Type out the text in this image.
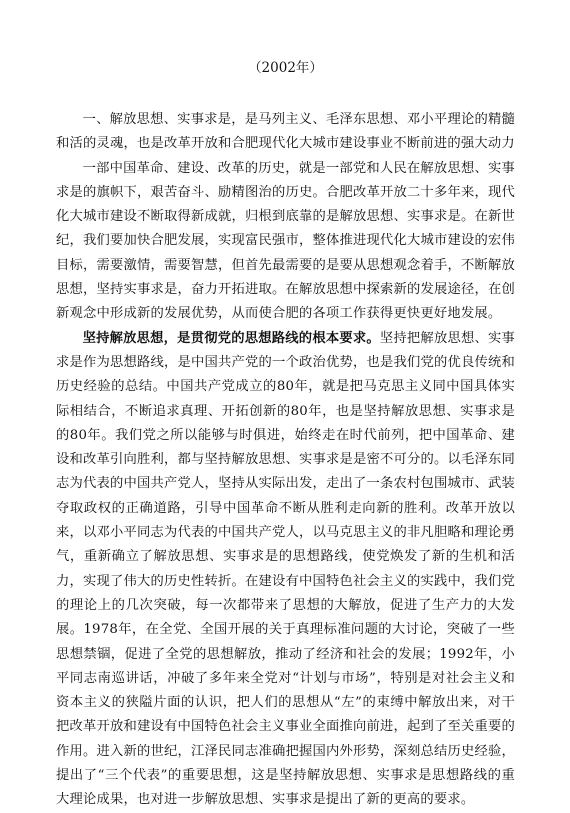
（2002年）

一、解放思想、实事求是，是马列主义、毛泽东思想、邓小平理论的精髓和活的灵魂，也是改革开放和合肥现代化大城市建设事业不断前进的强大动力

一部中国革命、建设、改革的历史，就是一部党和人民在解放思想、实事求是的旗帜下，艰苦奋斗、励精图治的历史。合肥改革开放二十多年来，现代化大城市建设不断取得新成就，归根到底靠的是解放思想、实事求是。在新世纪，我们要加快合肥发展，实现富民强市，整体推进现代化大城市建设的宏伟目标，需要激情，需要智慧，但首先最需要的是要从思想观念着手，不断解放思想，坚持实事求是，奋力开拓进取。在解放思想中探索新的发展途径，在创新观念中形成新的发展优势，从而使合肥的各项工作获得更快更好地发展。

坚持解放思想，是贯彻党的思想路线的根本要求。坚持把解放思想、实事求是作为思想路线，是中国共产党的一个政治优势，也是我们党的优良传统和历史经验的总结。中国共产党成立的80年，就是把马克思主义同中国具体实际相结合，不断追求真理、开拓创新的80年，也是坚持解放思想、实事求是的80年。我们党之所以能够与时俱进，始终走在时代前列，把中国革命、建设和改革引向胜利，都与坚持解放思想、实事求是是密不可分的。以毛泽东同志为代表的中国共产党人，坚持从实际出发，走出了一条农村包围城市、武装夺取政权的正确道路，引导中国革命不断从胜利走向新的胜利。改革开放以来，以邓小平同志为代表的中国共产党人，以马克思主义的非凡胆略和理论勇气，重新确立了解放思想、实事求是的思想路线，使党焕发了新的生机和活力，实现了伟大的历史性转折。在建设有中国特色社会主义的实践中，我们党的理论上的几次突破，每一次都带来了思想的大解放，促进了生产力的大发展。1978年，在全党、全国开展的关于真理标准问题的大讨论，突破了一些思想禁锢，促进了全党的思想解放，推动了经济和社会的发展；1992年，小平同志南巡讲话，冲破了多年来全党对“计划与市场”，特别是对社会主义和资本主义的狭隘片面的认识，把人们的思想从“左”的束缚中解放出来，对干把改革开放和建设有中国特色社会主义事业全面推向前进，起到了至关重要的作用。进入新的世纪，江泽民同志准确把握国内外形势，深刻总结历史经验，提出了“三个代表”的重要思想，这是坚持解放思想、实事求是思想路线的重大理论成果，也对进一步解放思想、实事求是提出了新的更高的要求。
